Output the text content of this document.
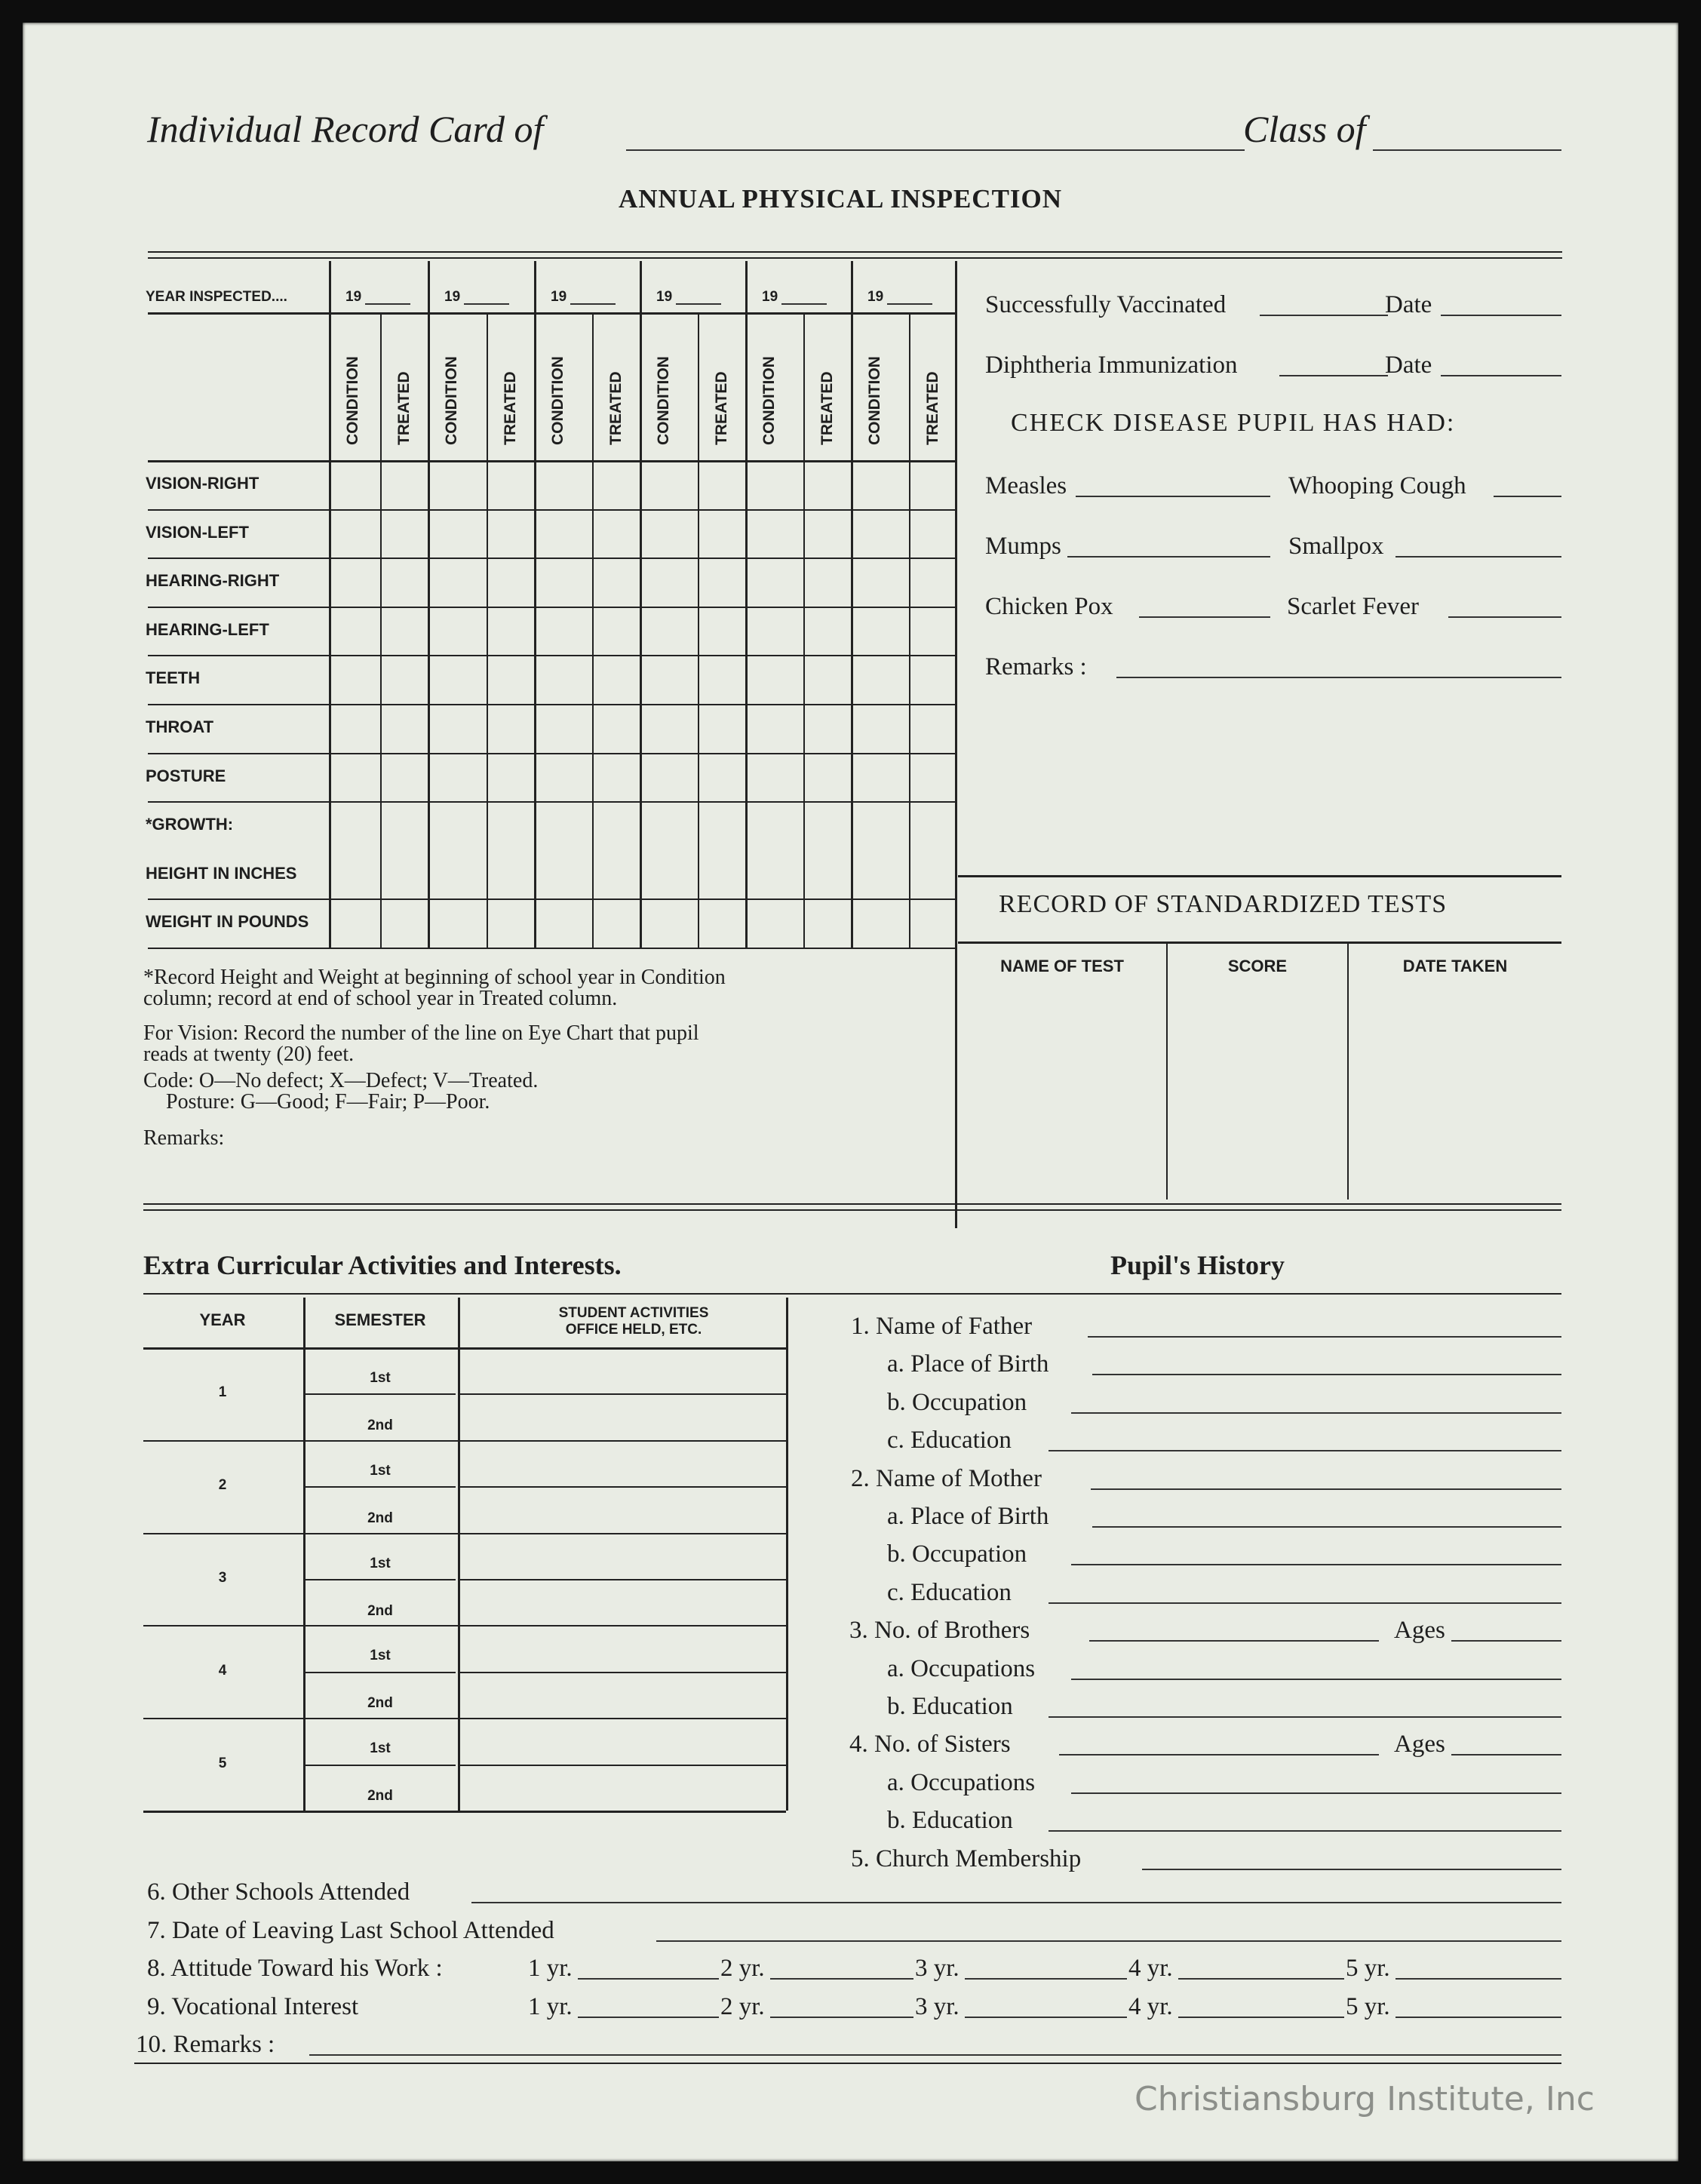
Individual Record Card of	Class of
ANNUAL PHYSICAL INSPECTION
YEAR INSPECTED....	19	19	19	19	19	19
CONDITION TREATED CONDITION	TREATED CONDITION	TREATED CONDITION	TREATED CONDITION	TREATED CONDITION	TREATED
VISION-RIGHT
VISION-LEFT
HEARING-RIGHT
HEARING-LEFT
TEETH
THROAT
POSTURE
*GROWTH:
HEIGHT IN INCHES
WEIGHT IN POUNDS
*Record Height and Weight at beginning of school year in Condition
column; record at end of school year in Treated column.
For Vision: Record the number of the line on Eye Chart that pupil
reads at twenty (20) feet.
Code: O—No defect; X—Defect; V—Treated.
Posture: G—Good; F—Fair; P—Poor.
Remarks:
Successfully Vaccinated	Date
Diphtheria Immunization	Date
CHECK DISEASE PUPIL HAS HAD:
Measles	Whooping Cough
Mumps	Smallpox
Chicken Pox	Scarlet Fever
Remarks :
RECORD OF STANDARDIZED TESTS
NAME OF TEST	SCORE	DATE TAKEN
Extra Curricular Activities and Interests.
YEAR	SEMESTER	STUDENT ACTIVITIES
OFFICE HELD, ETC.
1
1st
2nd
2
1st
2nd
3
1st
2nd
4
1st
2nd
5
1st
2nd
Pupil's History
1. Name of Father
a. Place of Birth
b. Occupation
c. Education
2. Name of Mother
a. Place of Birth
b. Occupation
c. Education
3. No. of Brothers	Ages
a. Occupations
b. Education
4. No. of Sisters	Ages
a. Occupations
b. Education
5. Church Membership
6. Other Schools Attended
7. Date of Leaving Last School Attended
8. Attitude Toward his Work :	1 yr.	2 yr.	3 yr.	4 yr.	5 yr.
9. Vocational Interest	1 yr.	2 yr.	3 yr.	4 yr.	5 yr.
10. Remarks :
Christiansburg Institute, Inc
